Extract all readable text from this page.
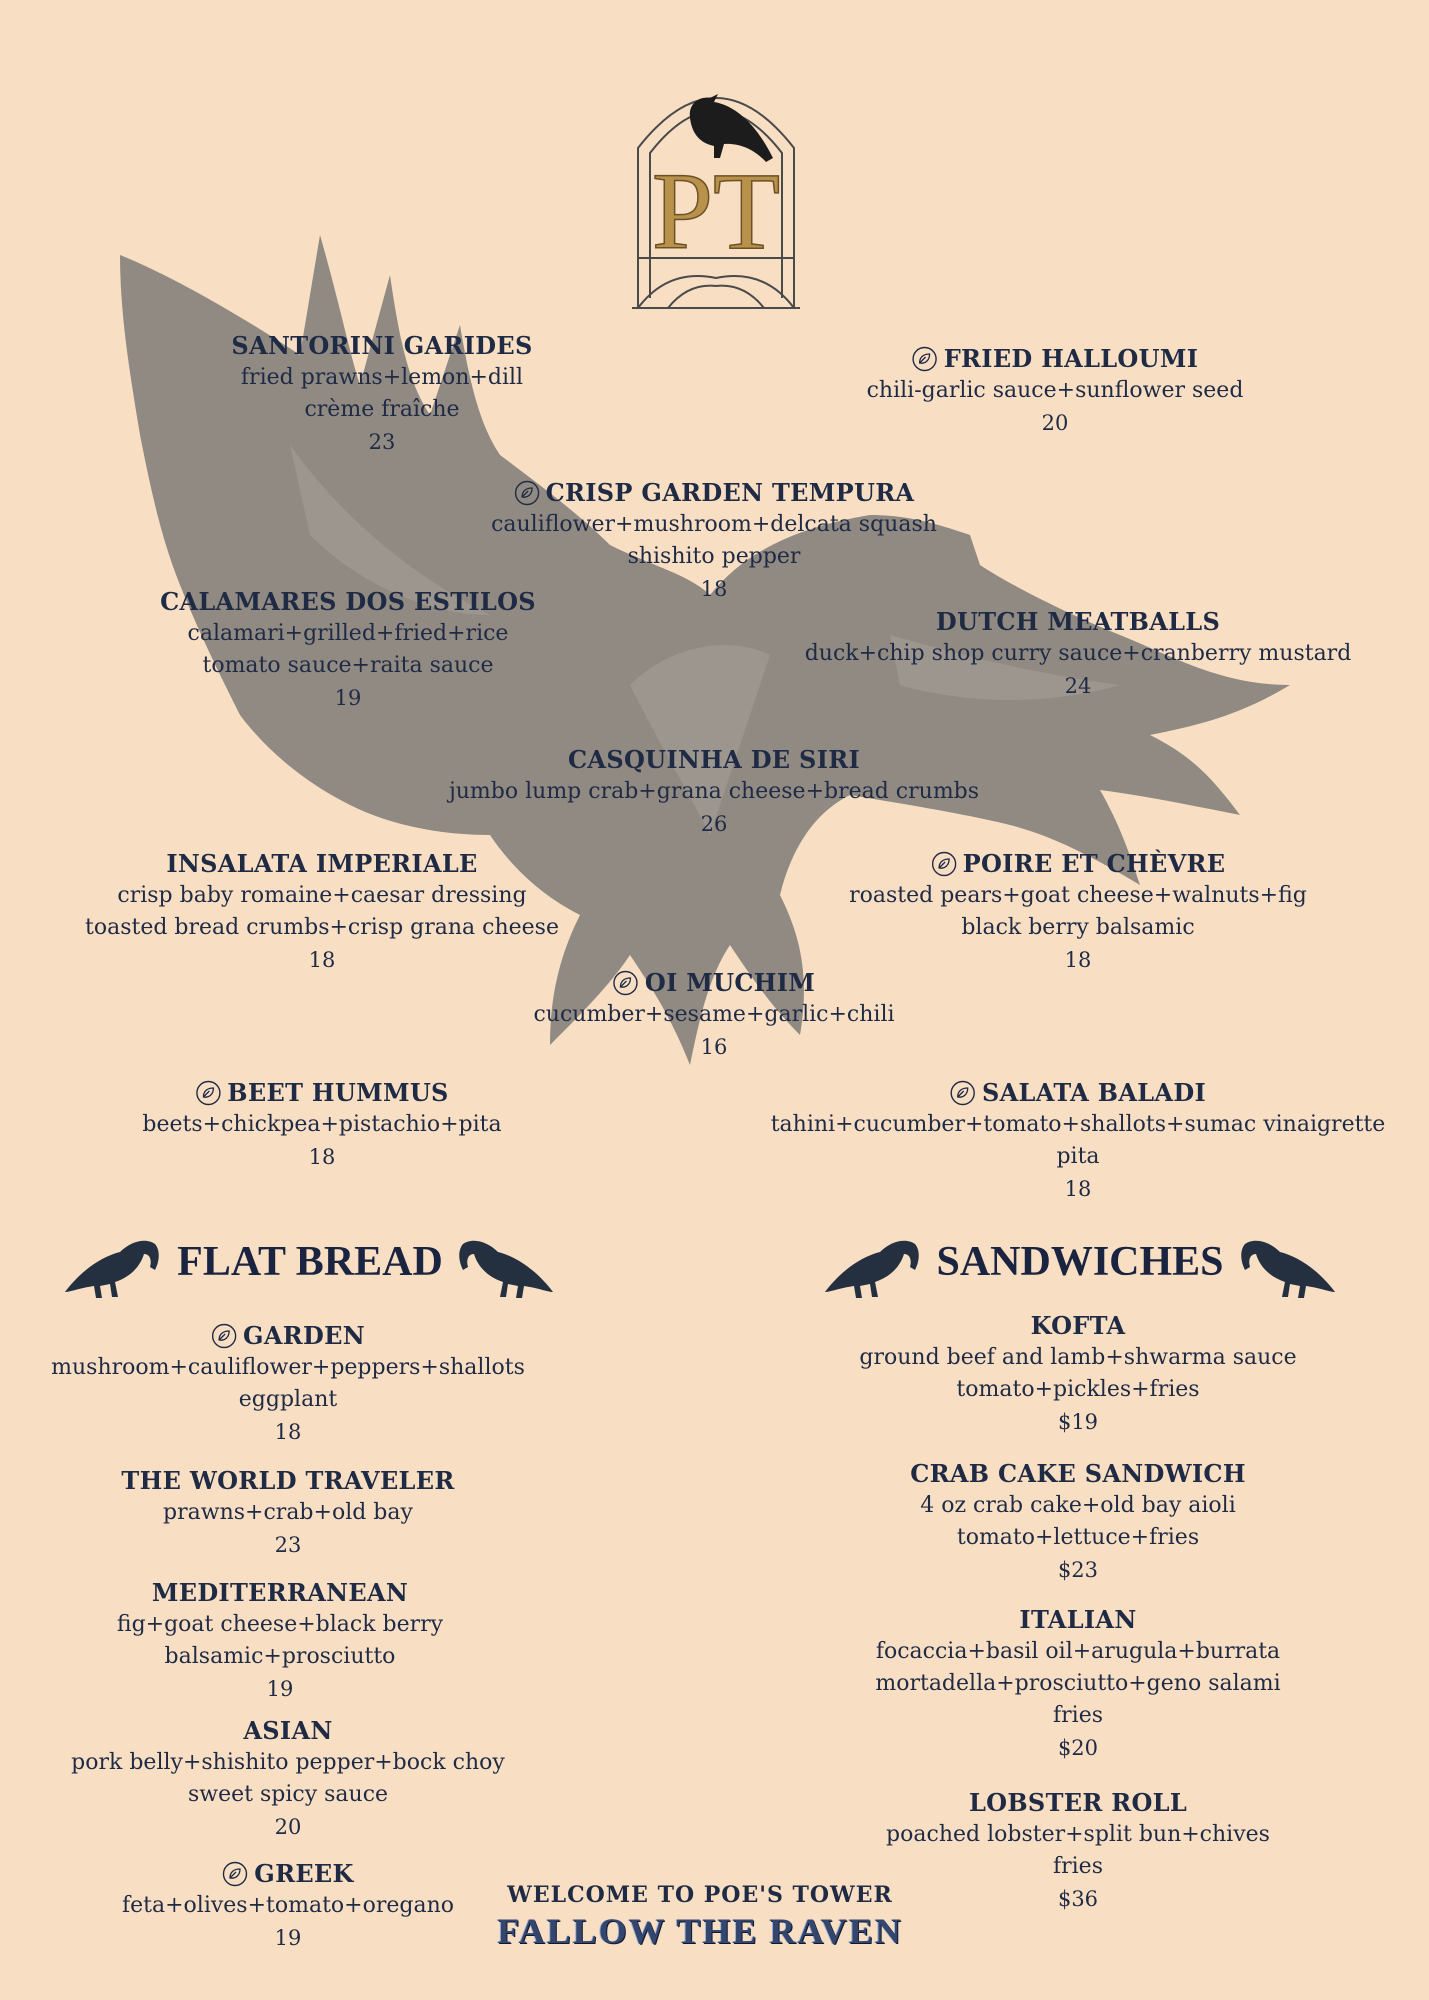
PT
SANTORINI GARIDES
fried prawns+lemon+dill
crème fraîche
23
FRIED HALLOUMI
chili-garlic sauce+sunflower seed
20
CRISP GARDEN TEMPURA
cauliflower+mushroom+delcata squash
shishito pepper
18
CALAMARES DOS ESTILOS
calamari+grilled+fried+rice
tomato sauce+raita sauce
19
DUTCH MEATBALLS
duck+chip shop curry sauce+cranberry mustard
24
CASQUINHA DE SIRI
jumbo lump crab+grana cheese+bread crumbs
26
INSALATA IMPERIALE
crisp baby romaine+caesar dressing
toasted bread crumbs+crisp grana cheese
18
POIRE ET CHÈVRE
roasted pears+goat cheese+walnuts+fig
black berry balsamic
18
OI MUCHIM
cucumber+sesame+garlic+chili
16
BEET HUMMUS
beets+chickpea+pistachio+pita
18
SALATA BALADI
tahini+cucumber+tomato+shallots+sumac vinaigrette
pita
18
GARDEN
mushroom+cauliflower+peppers+shallots
eggplant
18
THE WORLD TRAVELER
prawns+crab+old bay
23
MEDITERRANEAN
fig+goat cheese+black berry
balsamic+prosciutto
19
ASIAN
pork belly+shishito pepper+bock choy
sweet spicy sauce
20
GREEK
feta+olives+tomato+oregano
19
KOFTA
ground beef and lamb+shwarma sauce
tomato+pickles+fries
$19
CRAB CAKE SANDWICH
4 oz crab cake+old bay aioli
tomato+lettuce+fries
$23
ITALIAN
focaccia+basil oil+arugula+burrata
mortadella+prosciutto+geno salami
fries
$20
LOBSTER ROLL
poached lobster+split bun+chives
fries
$36
FLAT BREAD	SANDWICHES
WELCOME TO POE'S TOWER
FALLOW THE RAVEN
